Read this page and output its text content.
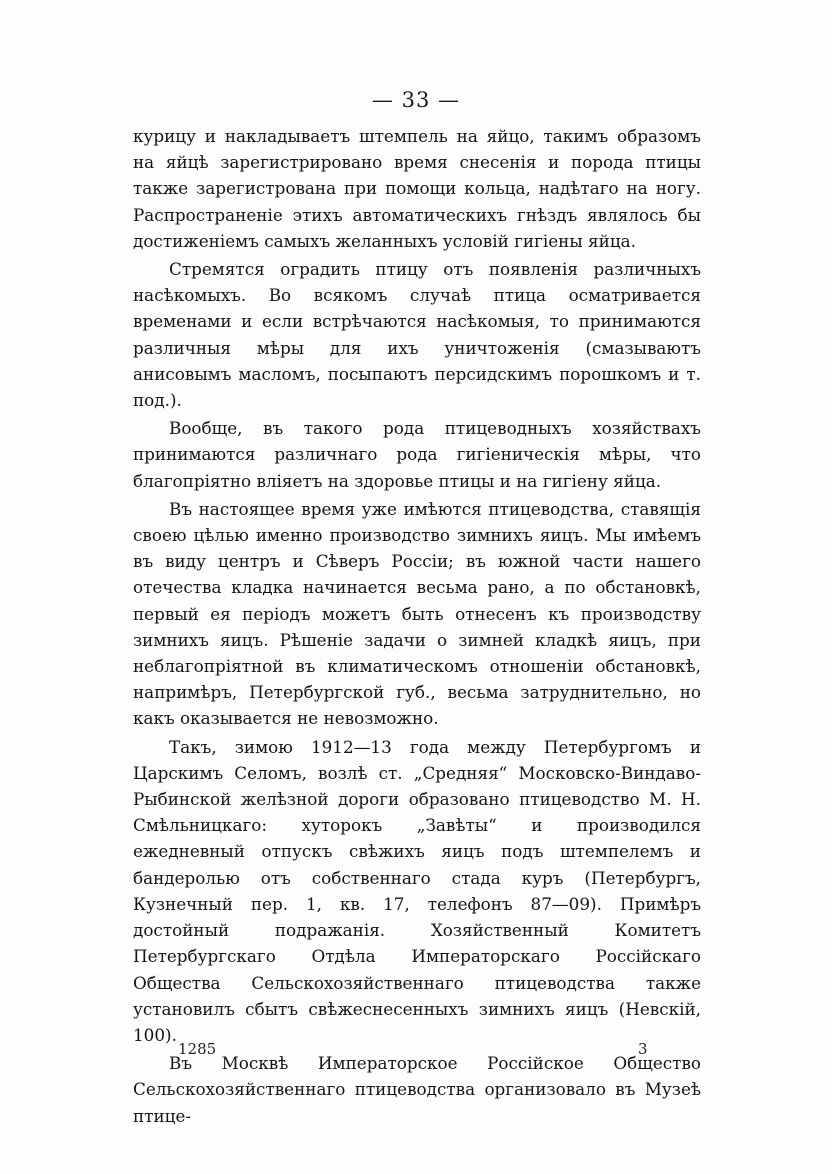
— 33 —

курицу и накладываетъ штемпель на яйцо, такимъ образомъ на яйцѣ зарегистрировано время снесенія и порода птицы также зарегистрована при помощи кольца, надѣтаго на ногу. Распространеніе этихъ автоматическихъ гнѣздъ являлось бы достиженіемъ самыхъ желанныхъ условій гигіены яйца.

Стремятся оградить птицу отъ появленія различныхъ насѣкомыхъ. Во всякомъ случаѣ птица осматривается временами и если встрѣчаются насѣкомыя, то принимаются различныя мѣры для ихъ уничтоженія (смазываютъ анисовымъ масломъ, посыпаютъ персидскимъ порошкомъ и т. под.).

Вообще, въ такого рода птицеводныхъ хозяйствахъ принимаются различнаго рода гигіеническія мѣры, что благопріятно вліяетъ на здоровье птицы и на гигіену яйца.

Въ настоящее время уже имѣются птицеводства, ставящія своею цѣлью именно производство зимнихъ яицъ. Мы имѣемъ въ виду центръ и Сѣверъ Россіи; въ южной части нашего отечества кладка начинается весьма рано, а по обстановкѣ, первый ея періодъ можетъ быть отнесенъ къ производству зимнихъ яицъ. Рѣшеніе задачи о зимней кладкѣ яицъ, при неблагопріятной въ климатическомъ отношеніи обстановкѣ, напримѣръ, Петербургской губ., весьма затруднительно, но какъ оказывается не невозможно.

Такъ, зимою 1912—13 года между Петербургомъ и Царскимъ Селомъ, возлѣ ст. „Средняя“ Московско-Виндаво-Рыбинской желѣзной дороги образовано птицеводство М. Н. Смѣльницкаго: хуторокъ „Завѣты“ и производился ежедневный отпускъ свѣжихъ яицъ подъ штемпелемъ и бандеролью отъ собственнаго стада куръ (Петербургъ, Кузнечный пер. 1, кв. 17, телефонъ 87—09). Примѣръ достойный подражанія. Хозяйственный Комитетъ Петербургскаго Отдѣла Императорскаго Россійскаго Общества Сельскохозяйственнаго птицеводства также установилъ сбытъ свѣжеснесенныхъ зимнихъ яицъ (Невскій, 100).

Въ Москвѣ Императорское Россійское Общество Сельскохозяйственнаго птицеводства организовало въ Музеѣ птице-

1285	3
